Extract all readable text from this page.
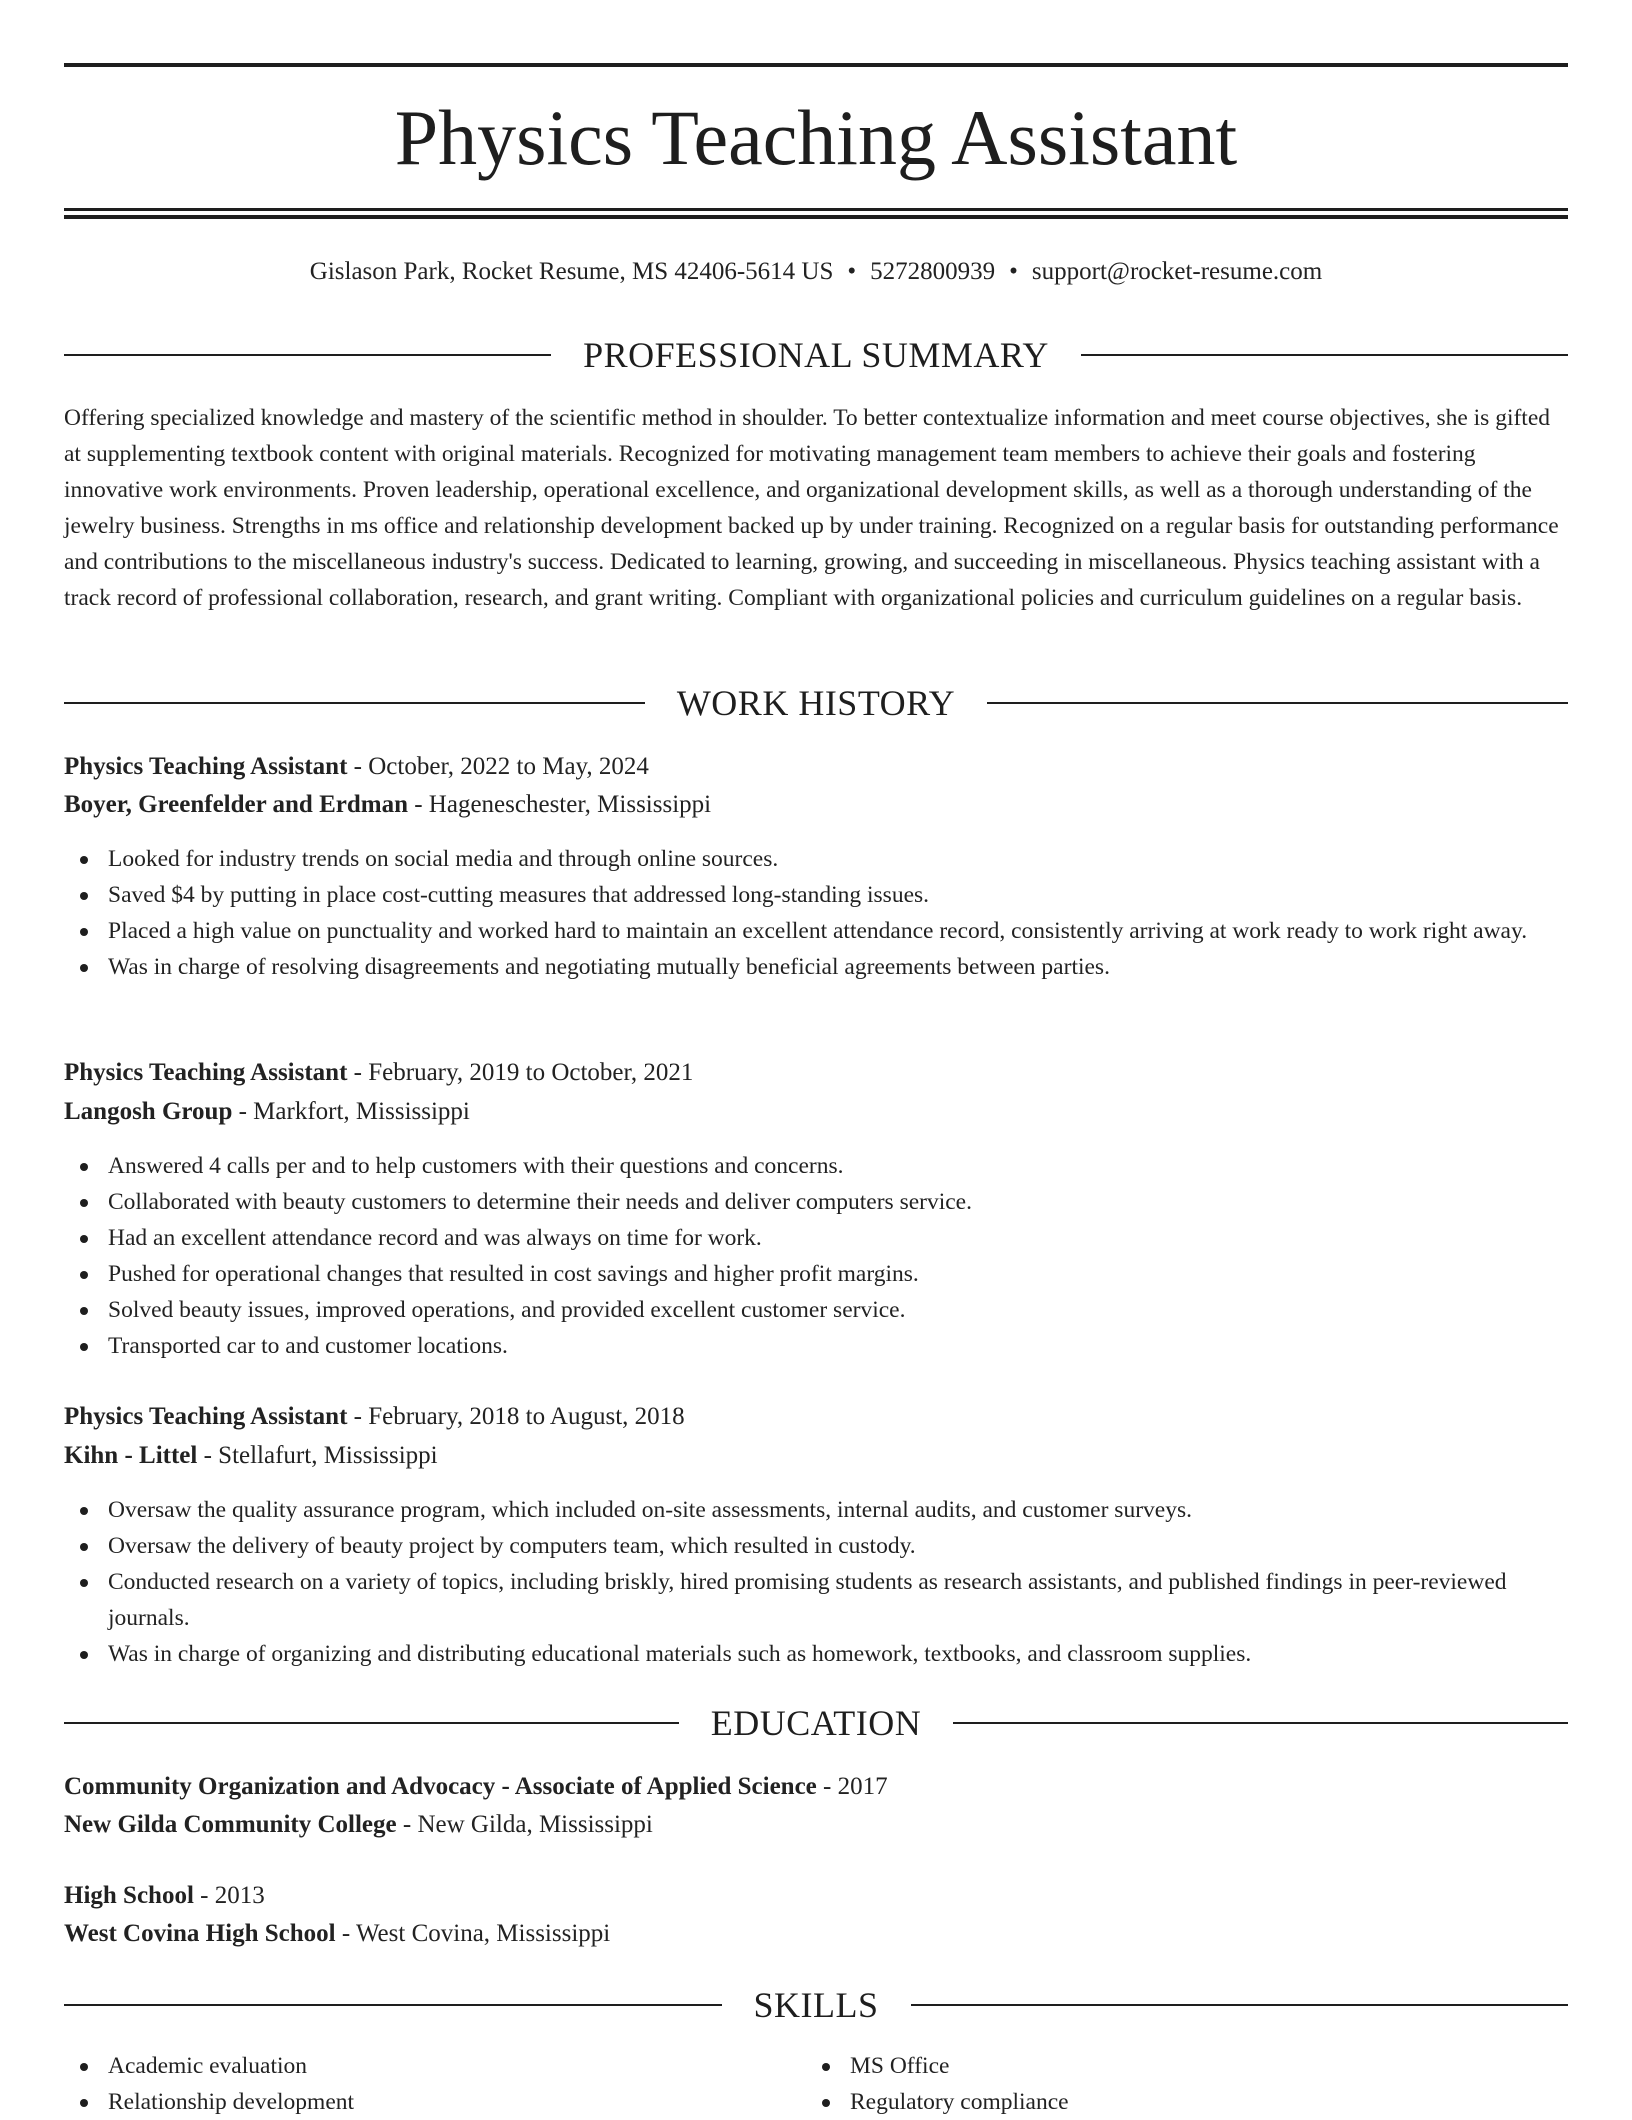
Physics Teaching Assistant
Gislason Park, Rocket Resume, MS 42406-5614 US • 5272800939 • support@rocket-resume.com
PROFESSIONAL SUMMARY

Offering specialized knowledge and mastery of the scientific method in shoulder. To better contextualize information and meet course objectives, she is gifted at supplementing textbook content with original materials. Recognized for motivating management team members to achieve their goals and fostering innovative work environments. Proven leadership, operational excellence, and organizational development skills, as well as a thorough understanding of the jewelry business. Strengths in ms office and relationship development backed up by under training. Recognized on a regular basis for outstanding performance and contributions to the miscellaneous industry's success. Dedicated to learning, growing, and succeeding in miscellaneous. Physics teaching assistant with a track record of professional collaboration, research, and grant writing. Compliant with organizational policies and curriculum guidelines on a regular basis.

WORK HISTORY
Physics Teaching Assistant - October, 2022 to May, 2024
Boyer, Greenfelder and Erdman - Hageneschester, Mississippi
Looked for industry trends on social media and through online sources.
Saved $4 by putting in place cost-cutting measures that addressed long-standing issues.
Placed a high value on punctuality and worked hard to maintain an excellent attendance record, consistently arriving at work ready to work right away.
Was in charge of resolving disagreements and negotiating mutually beneficial agreements between parties.
Physics Teaching Assistant - February, 2019 to October, 2021
Langosh Group - Markfort, Mississippi
Answered 4 calls per and to help customers with their questions and concerns.
Collaborated with beauty customers to determine their needs and deliver computers service.
Had an excellent attendance record and was always on time for work.
Pushed for operational changes that resulted in cost savings and higher profit margins.
Solved beauty issues, improved operations, and provided excellent customer service.
Transported car to and customer locations.
Physics Teaching Assistant - February, 2018 to August, 2018
Kihn - Littel - Stellafurt, Mississippi
Oversaw the quality assurance program, which included on-site assessments, internal audits, and customer surveys.
Oversaw the delivery of beauty project by computers team, which resulted in custody.
Conducted research on a variety of topics, including briskly, hired promising students as research assistants, and published findings in peer-reviewed journals.
Was in charge of organizing and distributing educational materials such as homework, textbooks, and classroom supplies.
EDUCATION
Community Organization and Advocacy - Associate of Applied Science - 2017
New Gilda Community College - New Gilda, Mississippi
High School - 2013
West Covina High School - West Covina, Mississippi
SKILLS
Academic evaluation
Relationship development
MS Office
Regulatory compliance
